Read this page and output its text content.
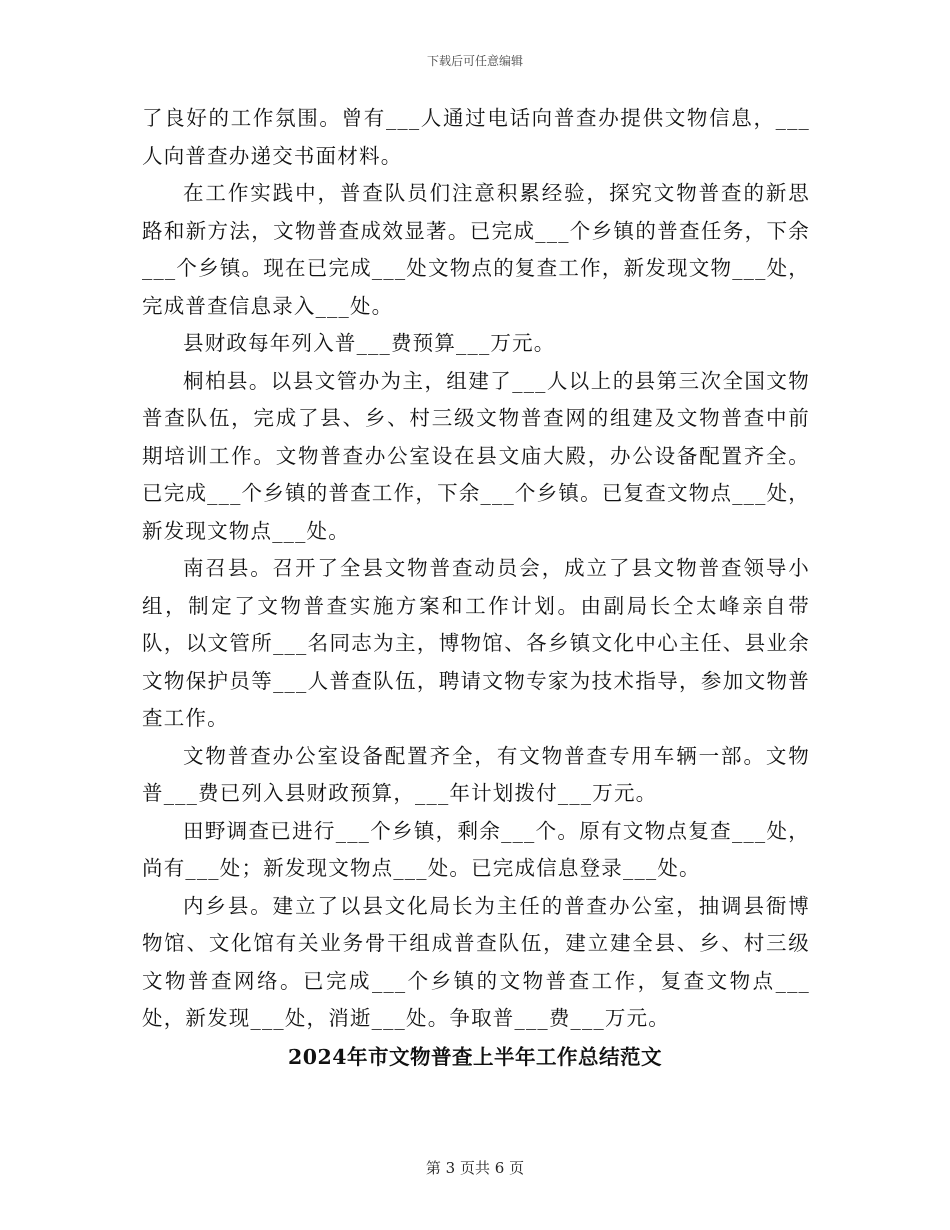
下载后可任意编辑

了良好的工作氛围。曾有___人通过电话向普查办提供文物信息，___人向普查办递交书面材料。

在工作实践中，普查队员们注意积累经验，探究文物普查的新思路和新方法，文物普查成效显著。已完成___个乡镇的普查任务，下余___个乡镇。现在已完成___处文物点的复查工作，新发现文物___处，完成普查信息录入___处。

县财政每年列入普___费预算___万元。

桐柏县。以县文管办为主，组建了___人以上的县第三次全国文物普查队伍，完成了县、乡、村三级文物普查网的组建及文物普查中前期培训工作。文物普查办公室设在县文庙大殿，办公设备配置齐全。已完成___个乡镇的普查工作，下余___个乡镇。已复查文物点___处，新发现文物点___处。

南召县。召开了全县文物普查动员会，成立了县文物普查领导小组，制定了文物普查实施方案和工作计划。由副局长仝太峰亲自带队，以文管所___名同志为主，博物馆、各乡镇文化中心主任、县业余文物保护员等___人普查队伍，聘请文物专家为技术指导，参加文物普查工作。

文物普查办公室设备配置齐全，有文物普查专用车辆一部。文物普___费已列入县财政预算，___年计划拨付___万元。

田野调查已进行___个乡镇，剩余___个。原有文物点复查___处，尚有___处；新发现文物点___处。已完成信息登录___处。

内乡县。建立了以县文化局长为主任的普查办公室，抽调县衙博物馆、文化馆有关业务骨干组成普查队伍，建立建全县、乡、村三级文物普查网络。已完成___个乡镇的文物普查工作，复查文物点___处，新发现___处，消逝___处。争取普___费___万元。

2024年市文物普查上半年工作总结范文
第 3 页共 6 页
